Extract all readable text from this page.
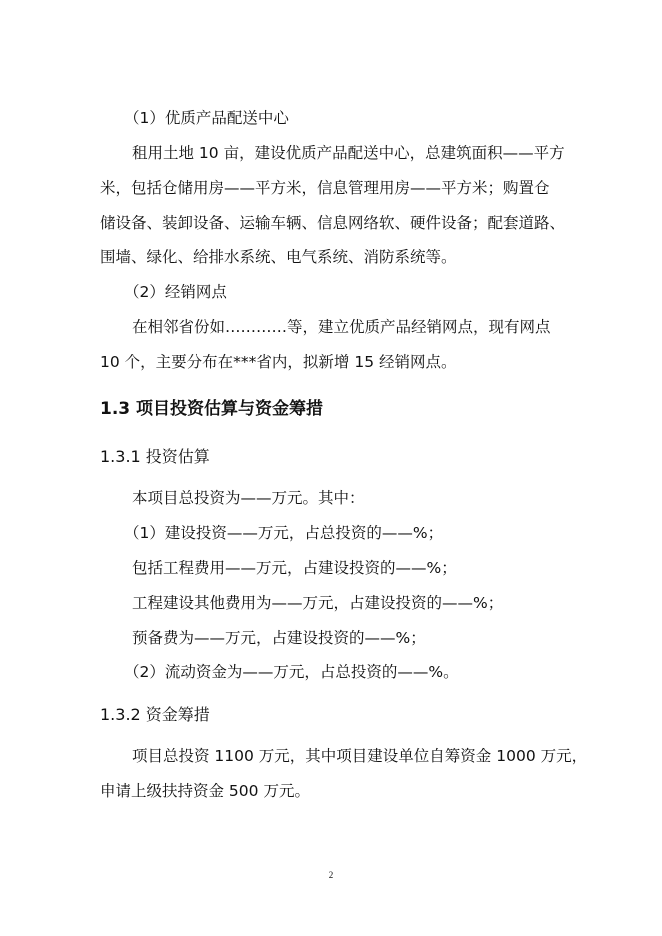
（1）优质产品配送中心

租用土地 10 亩，建设优质产品配送中心，总建筑面积——平方

米，包括仓储用房——平方米，信息管理用房——平方米；购置仓

储设备、装卸设备、运输车辆、信息网络软、硬件设备；配套道路、

围墙、绿化、给排水系统、电气系统、消防系统等。

（2）经销网点

在相邻省份如…………等，建立优质产品经销网点，现有网点

10 个，主要分布在***省内，拟新增 15 经销网点。

1.3 项目投资估算与资金筹措

1.3.1 投资估算

本项目总投资为——万元。其中：

（1）建设投资——万元，占总投资的——%；

包括工程费用——万元，占建设投资的——%；

工程建设其他费用为——万元，占建设投资的——%；

预备费为——万元，占建设投资的——%；

（2）流动资金为——万元，占总投资的——%。

1.3.2 资金筹措

项目总投资 1100 万元，其中项目建设单位自筹资金 1000 万元，

申请上级扶持资金 500 万元。

2
